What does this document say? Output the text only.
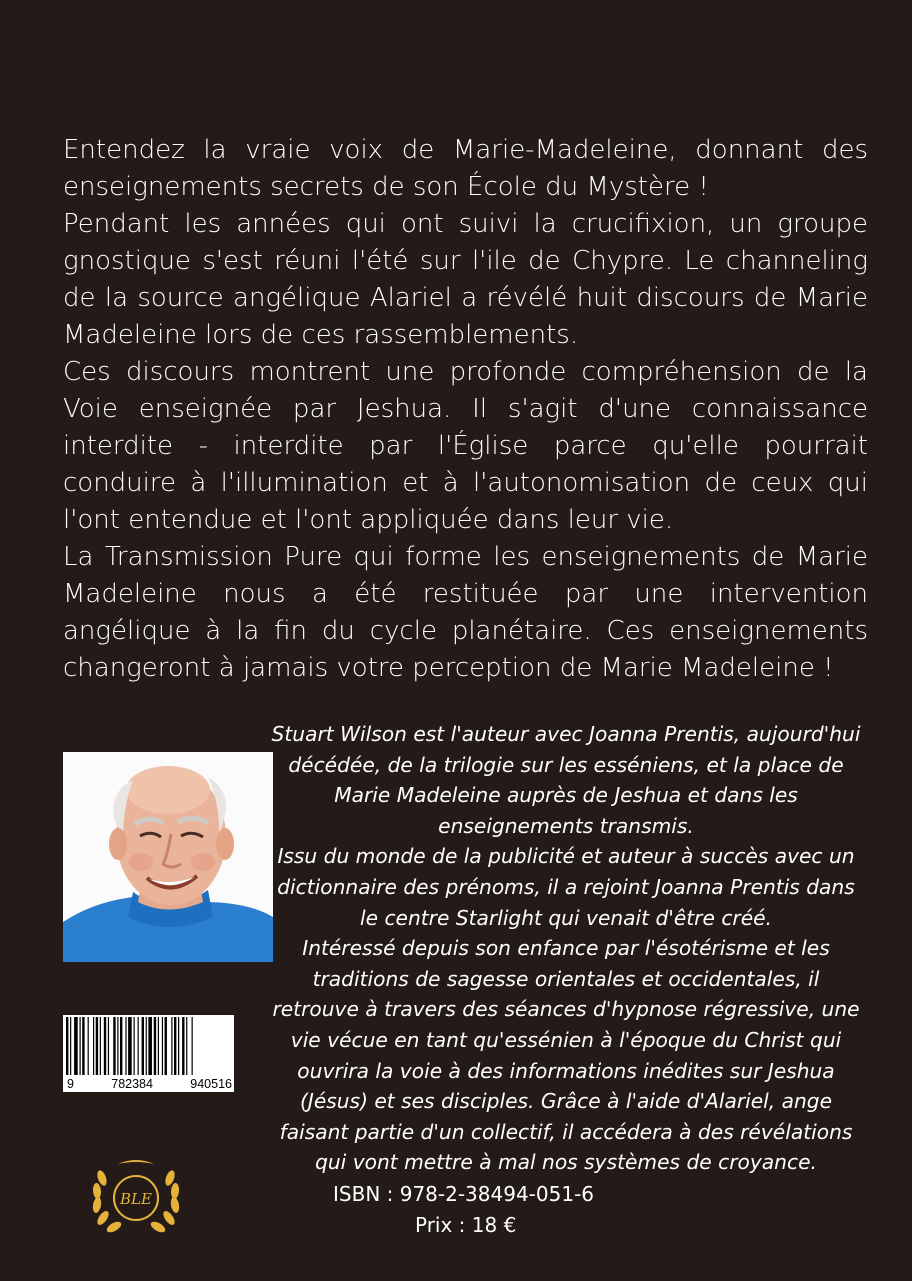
Entendez la vraie voix de Marie-Madeleine, donnant des enseignements secrets de son École du Mystère !

Pendant les années qui ont suivi la crucifixion, un groupe gnostique s'est réuni l'été sur l'ile de Chypre. Le channeling de la source angélique Alariel a révélé huit discours de Marie Madeleine lors de ces rassemblements.

Ces discours montrent une profonde compréhension de la Voie enseignée par Jeshua. Il s'agit d'une connaissance interdite - interdite par l'Église parce qu'elle pourrait conduire à l'illumination et à l'autonomisation de ceux qui l'ont entendue et l'ont appliquée dans leur vie.

La Transmission Pure qui forme les enseignements de Marie Madeleine nous a été restituée par une intervention angélique à la fin du cycle planétaire. Ces enseignements changeront à jamais votre perception de Marie Madeleine !

Stuart Wilson est l'auteur avec Joanna Prentis, aujourd'hui décédée, de la trilogie sur les esséniens, et la place de Marie Madeleine auprès de Jeshua et dans les enseignements transmis.

Issu du monde de la publicité et auteur à succès avec un dictionnaire des prénoms, il a rejoint Joanna Prentis dans le centre Starlight qui venait d'être créé.

Intéressé depuis son enfance par l'ésotérisme et les traditions de sagesse orientales et occidentales, il retrouve à travers des séances d'hypnose régressive, une vie vécue en tant qu'essénien à l'époque du Christ qui ouvrira la voie à des informations inédites sur Jeshua (Jésus) et ses disciples. Grâce à l'aide d'Alariel, ange faisant partie d'un collectif, il accédera à des révélations qui vont mettre à mal nos systèmes de croyance.

9	782384	940516
BLE	ISBN : 978-2-38494-051-6
Prix : 18 €
